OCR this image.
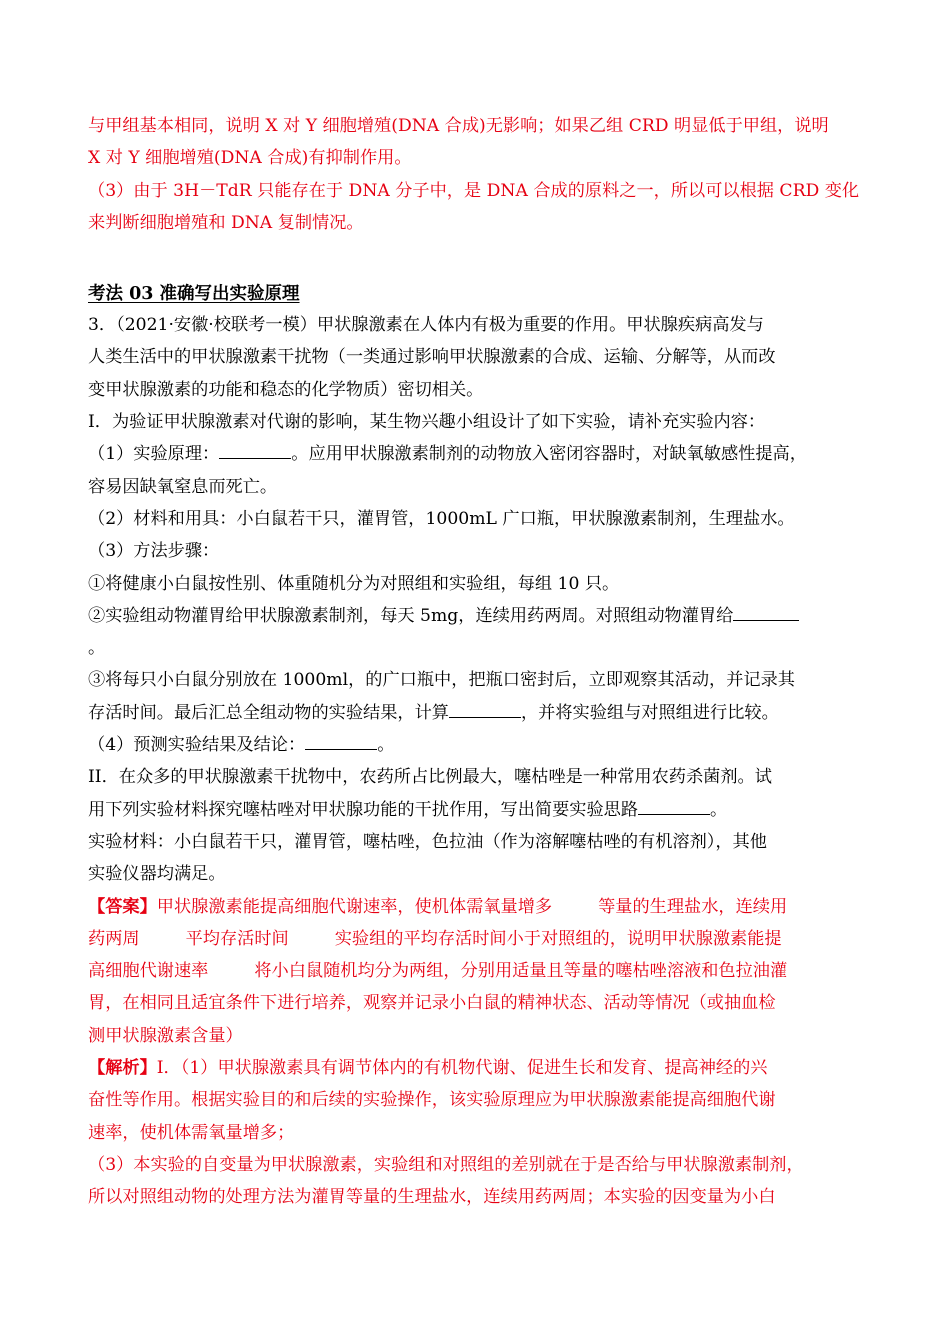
与甲组基本相同，说明 X 对 Y 细胞增殖(DNA 合成)无影响；如果乙组 CRD 明显低于甲组，说明
X 对 Y 细胞增殖(DNA 合成)有抑制作用。
（3）由于 3H－TdR 只能存在于 DNA 分子中，是 DNA 合成的原料之一，所以可以根据 CRD 变化
来判断细胞增殖和 DNA 复制情况。
考法 03 准确写出实验原理
3．（2021·安徽·校联考一模）甲状腺激素在人体内有极为重要的作用。甲状腺疾病高发与
人类生活中的甲状腺激素干扰物（一类通过影响甲状腺激素的合成、运输、分解等，从而改
变甲状腺激素的功能和稳态的化学物质）密切相关。
I．为验证甲状腺激素对代谢的影响，某生物兴趣小组设计了如下实验，请补充实验内容：
（1）实验原理：	。应用甲状腺激素制剂的动物放入密闭容器时，对缺氧敏感性提高，
容易因缺氧窒息而死亡。
（2）材料和用具：小白鼠若干只，灌胃管，1000mL 广口瓶，甲状腺激素制剂，生理盐水。
（3）方法步骤：
①将健康小白鼠按性别、体重随机分为对照组和实验组，每组 10 只。
②实验组动物灌胃给甲状腺激素制剂，每天 5mg，连续用药两周。对照组动物灌胃给
。
③将每只小白鼠分别放在 1000ml，的广口瓶中，把瓶口密封后，立即观察其活动，并记录其
存活时间。最后汇总全组动物的实验结果，计算	，并将实验组与对照组进行比较。
（4）预测实验结果及结论：	。
II．在众多的甲状腺激素干扰物中，农药所占比例最大，噻枯唑是一种常用农药杀菌剂。试
用下列实验材料探究噻枯唑对甲状腺功能的干扰作用，写出简要实验思路	。
实验材料：小白鼠若干只，灌胃管，噻枯唑，色拉油（作为溶解噻枯唑的有机溶剂），其他
实验仪器均满足。
【答案】甲状腺激素能提高细胞代谢速率，使机体需氧量增多	等量的生理盐水，连续用
药两周	平均存活时间	实验组的平均存活时间小于对照组的，说明甲状腺激素能提
高细胞代谢速率	将小白鼠随机均分为两组，分别用适量且等量的噻枯唑溶液和色拉油灌
胃，在相同且适宜条件下进行培养，观察并记录小白鼠的精神状态、活动等情况（或抽血检
测甲状腺激素含量）
【解析】I．（1）甲状腺激素具有调节体内的有机物代谢、促进生长和发育、提高神经的兴
奋性等作用。根据实验目的和后续的实验操作，该实验原理应为甲状腺激素能提高细胞代谢
速率，使机体需氧量增多；
（3）本实验的自变量为甲状腺激素，实验组和对照组的差别就在于是否给与甲状腺激素制剂，
所以对照组动物的处理方法为灌胃等量的生理盐水，连续用药两周；本实验的因变量为小白
